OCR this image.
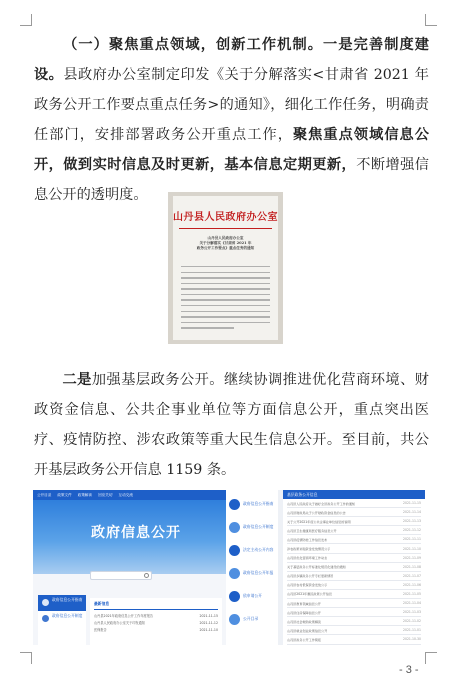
（一）聚焦重点领域，创新工作机制。一是完善制度建设。县政府办公室制定印发《关于分解落实<甘肃省 2021 年政务公开工作要点重点任务>的通知》，细化工作任务，明确责任部门，安排部署政务公开重点工作，聚焦重点领域信息公开，做到实时信息及时更新，基本信息定期更新，不断增强信息公开的透明度。

山丹县人民政府办公室
山丹县人民政府办公室
关于分解落实《甘肃省 2021 年
政务公开工作要点》重点任务的通知

二是加强基层政务公开。继续协调推进优化营商环境、财政资金信息、公共企事业单位等方面信息公开，重点突出医疗、疫情防控、涉农政策等重大民生信息公开。至目前，共公开基层政务公开信息 1159 条。

公开目录 政策文件 政策解读 回应关切 互动交流
政府信息公开
政府信息公开指南
政府信息公开制度
最新信息
山丹县2021年政府信息公开工作年度报告	2021-11-15
山丹县人民政府办公室关于印发通知	2021-11-12
医保报告	2021-11-10
政府信息公开指南
政府信息公开制度
法定主动公开内容
政府信息公开年报
依申请公开
公开目录
基层政务公开信息
山丹县人民政府关于做好全县政务公开工作的通知	2021-11-15
山丹县财政局关于公开财政资金信息的公告	2021-11-14
关于公开2021年度公共企事业单位信息的说明	2021-11-13
山丹县卫生健康局医疗服务信息公开	2021-11-12
山丹县疫情防控工作信息发布	2021-11-11
涉农政策补贴资金发放情况公示	2021-11-10
山丹县优化营商环境工作动态	2021-11-09
关于基层政务公开标准化规范化建设的通知	2021-11-08
山丹县乡镇政务公开专栏更新情况	2021-11-07
山丹县农村低保资金发放公示	2021-11-06
山丹县2021年惠民政策公开信息	2021-11-05
山丹县教育领域信息公开	2021-11-04
山丹县住房保障信息公开	2021-11-03
山丹县社会救助政策解读	2021-11-02
山丹县就业创业政策信息公开	2021-11-01
山丹县政务公开工作简报	2021-10-30
- 3 -
